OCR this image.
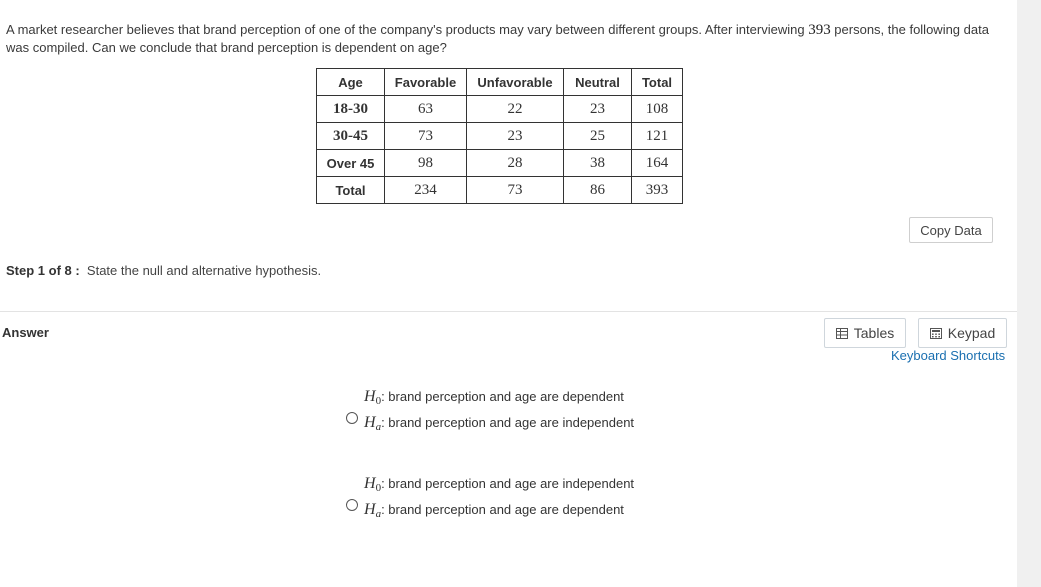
A market researcher believes that brand perception of one of the company's products may vary between different groups. After interviewing 393 persons, the following data was compiled. Can we conclude that brand perception is dependent on age?
Age	Favorable	Unfavorable	Neutral	Total
18-30	63	22	23	108
30-45	73	23	25	121
Over 45	98	28	38	164
Total	234	73	86	393
Copy Data
Step 1 of 8 : State the null and alternative hypothesis.
Answer	Tables	Keypad
Keyboard Shortcuts
$H_0$: brand perception and age are dependent
$H_a$: brand perception and age are independent
$H_0$: brand perception and age are independent
$H_a$: brand perception and age are dependent
